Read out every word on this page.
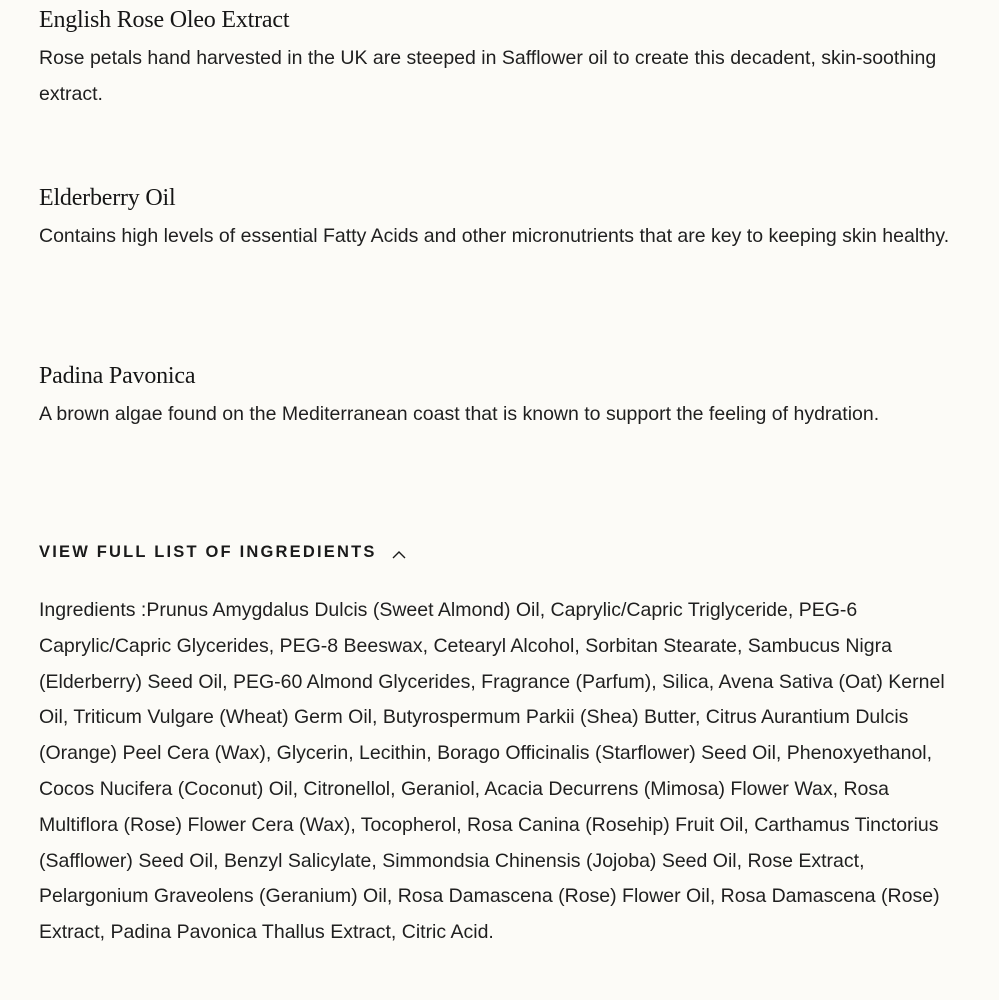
English Rose Oleo Extract

Rose petals hand harvested in the UK are steeped in Safflower oil to create this decadent, skin-soothing extract.

Elderberry Oil

Contains high levels of essential Fatty Acids and other micronutrients that are key to keeping skin healthy.

Padina Pavonica

A brown algae found on the Mediterranean coast that is known to support the feeling of hydration.

VIEW FULL LIST OF INGREDIENTS

Ingredients :Prunus Amygdalus Dulcis (Sweet Almond) Oil, Caprylic/Capric Triglyceride, PEG-6 Caprylic/Capric Glycerides, PEG-8 Beeswax, Cetearyl Alcohol, Sorbitan Stearate, Sambucus Nigra (Elderberry) Seed Oil, PEG-60 Almond Glycerides, Fragrance (Parfum), Silica, Avena Sativa (Oat) Kernel Oil, Triticum Vulgare (Wheat) Germ Oil, Butyrospermum Parkii (Shea) Butter, Citrus Aurantium Dulcis (Orange) Peel Cera (Wax), Glycerin, Lecithin, Borago Officinalis (Starflower) Seed Oil, Phenoxyethanol, Cocos Nucifera (Coconut) Oil, Citronellol, Geraniol, Acacia Decurrens (Mimosa) Flower Wax, Rosa Multiflora (Rose) Flower Cera (Wax), Tocopherol, Rosa Canina (Rosehip) Fruit Oil, Carthamus Tinctorius (Safflower) Seed Oil, Benzyl Salicylate, Simmondsia Chinensis (Jojoba) Seed Oil, Rose Extract, Pelargonium Graveolens (Geranium) Oil, Rosa Damascena (Rose) Flower Oil, Rosa Damascena (Rose) Extract, Padina Pavonica Thallus Extract, Citric Acid.
